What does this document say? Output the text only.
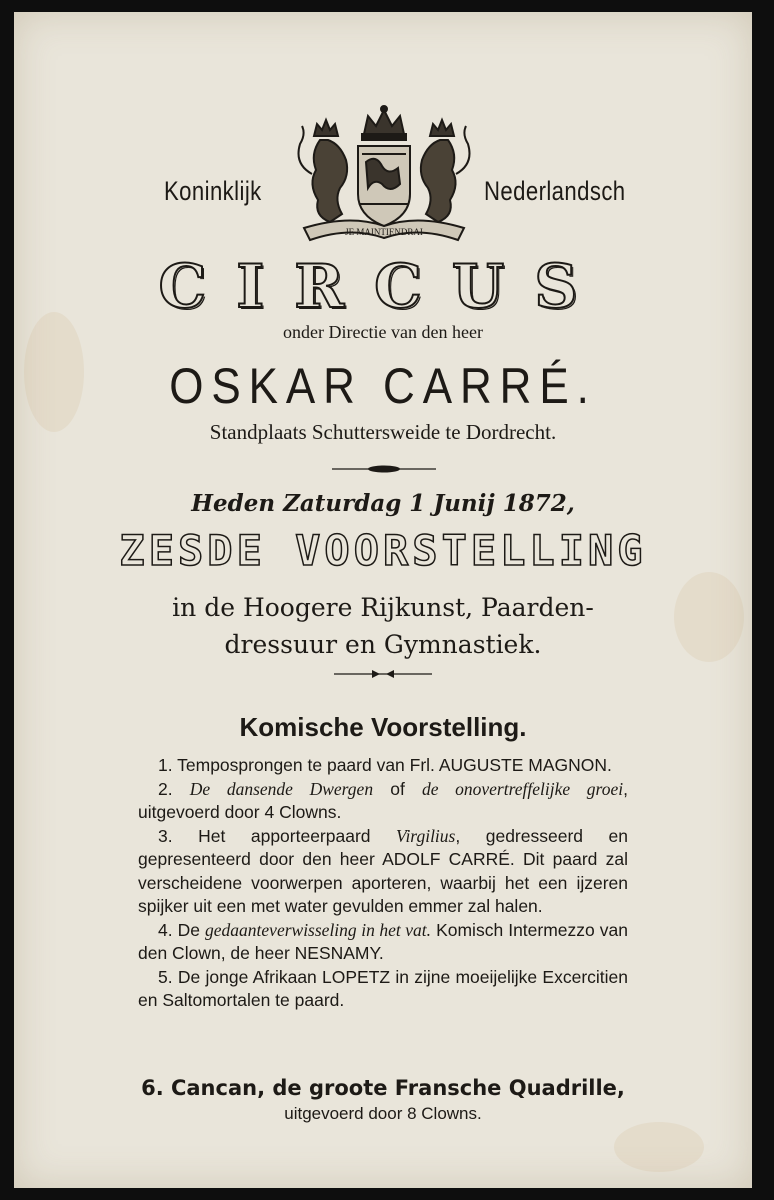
Koninklijk
JE MAINTIENDRAI
Nederlandsch
CIRCUS
onder Directie van den heer
OSKAR CARRÉ.
Standplaats Schuttersweide te Dordrecht.
Heden Zaturdag 1 Junij 1872,
ZESDE VOORSTELLING
in de Hoogere Rijkunst, Paarden-
dressuur en Gymnastiek.
Komische Voorstelling.

1. Temposprongen te paard van Frl. AUGUSTE MAGNON.

2. De dansende Dwergen of de onovertreffelijke groei, uitgevoerd door 4 Clowns.

3. Het apporteerpaard Virgilius, gedresseerd en gepresenteerd door den heer ADOLF CARRÉ. Dit paard zal verscheidene voorwerpen aporteren, waarbij het een ijzeren spijker uit een met water gevulden emmer zal halen.

4. De gedaanteverwisseling in het vat. Komisch Intermezzo van den Clown, de heer NESNAMY.

5. De jonge Afrikaan LOPETZ in zijne moeijelijke Excercitien en Saltomortalen te paard.

6. Cancan, de groote Fransche Quadrille,
uitgevoerd door 8 Clowns.
